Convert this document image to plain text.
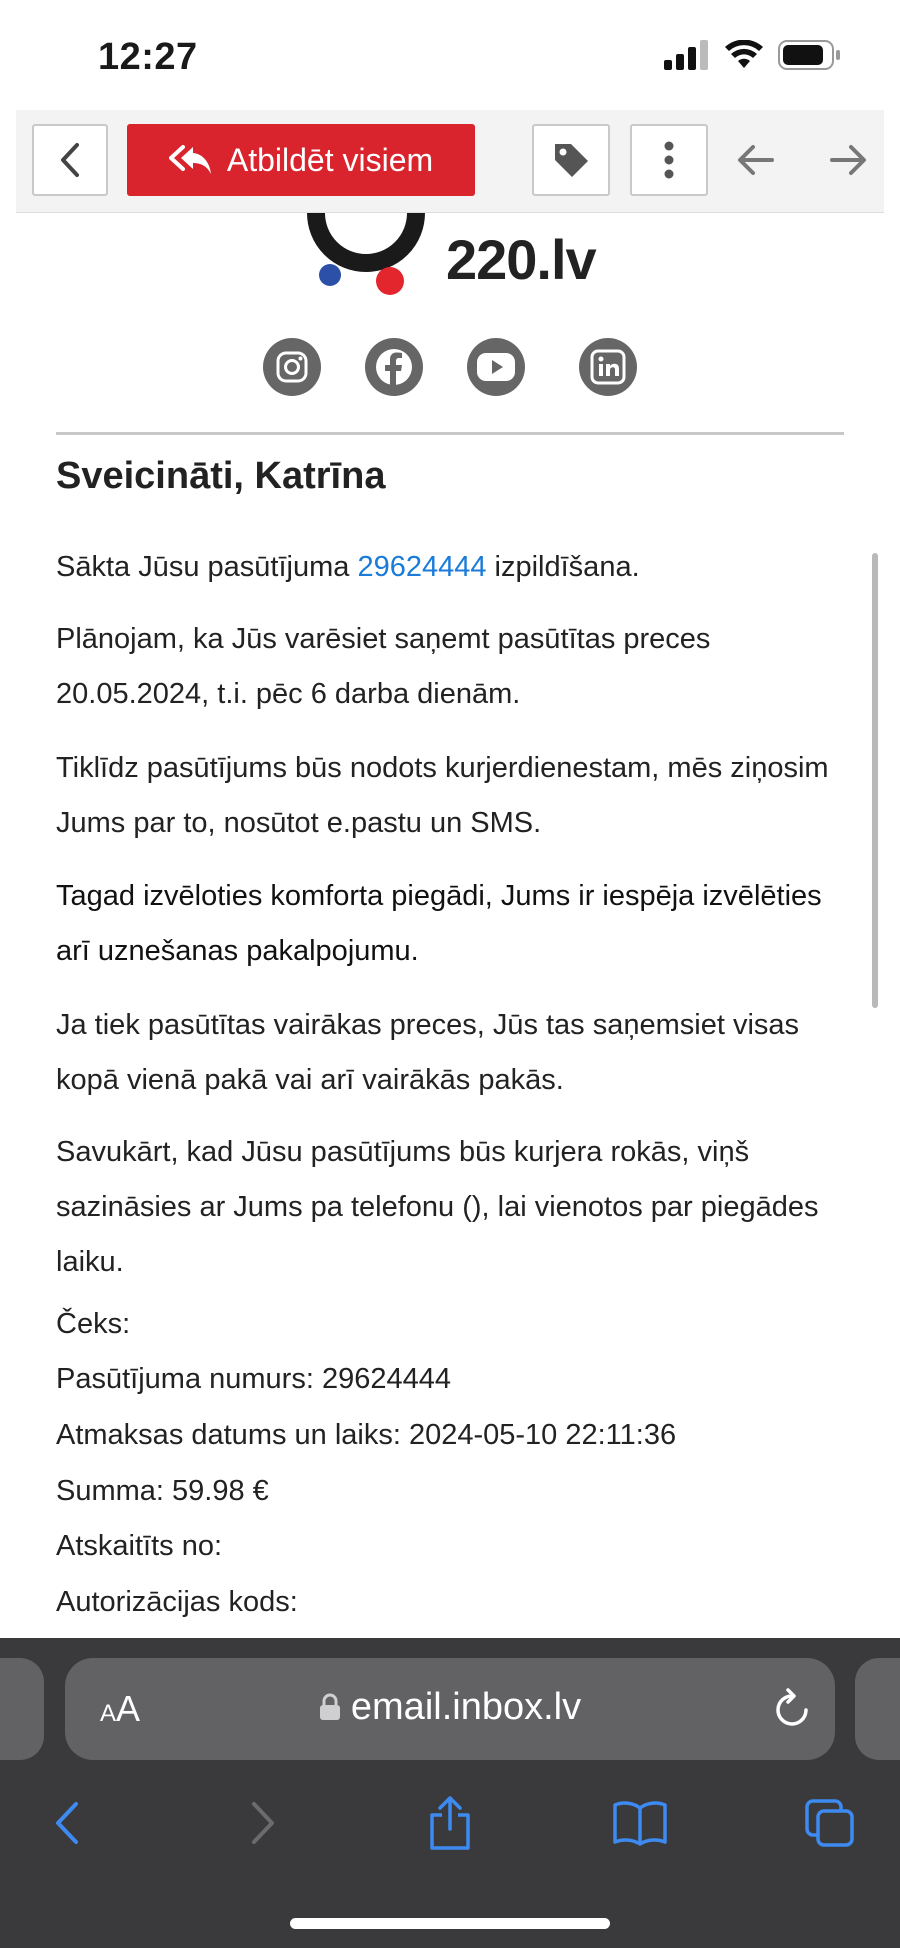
12:27
Atbildēt visiem
220.lv
Sveicināti, Katrīna
Sākta Jūsu pasūtījuma 29624444 izpildīšana.
Plānojam, ka Jūs varēsiet saņemt pasūtītas preces 20.05.2024, t.i. pēc 6 darba dienām.
Tiklīdz pasūtījums būs nodots kurjerdienestam, mēs ziņosim Jums par to, nosūtot e.pastu un SMS.
Tagad izvēloties komforta piegādi, Jums ir iespēja izvēlēties arī uznešanas pakalpojumu.
Ja tiek pasūtītas vairākas preces, Jūs tas saņemsiet visas kopā vienā pakā vai arī vairākās pakās.
Savukārt, kad Jūsu pasūtījums būs kurjera rokās, viņš sazināsies ar Jums pa telefonu (), lai vienotos par piegādes laiku.
Čeks:
Pasūtījuma numurs: 29624444
Atmaksas datums un laiks: 2024-05-10 22:11:36
Summa: 59.98 €
Atskaitīts no:
Autorizācijas kods:
AA	email.inbox.lv
